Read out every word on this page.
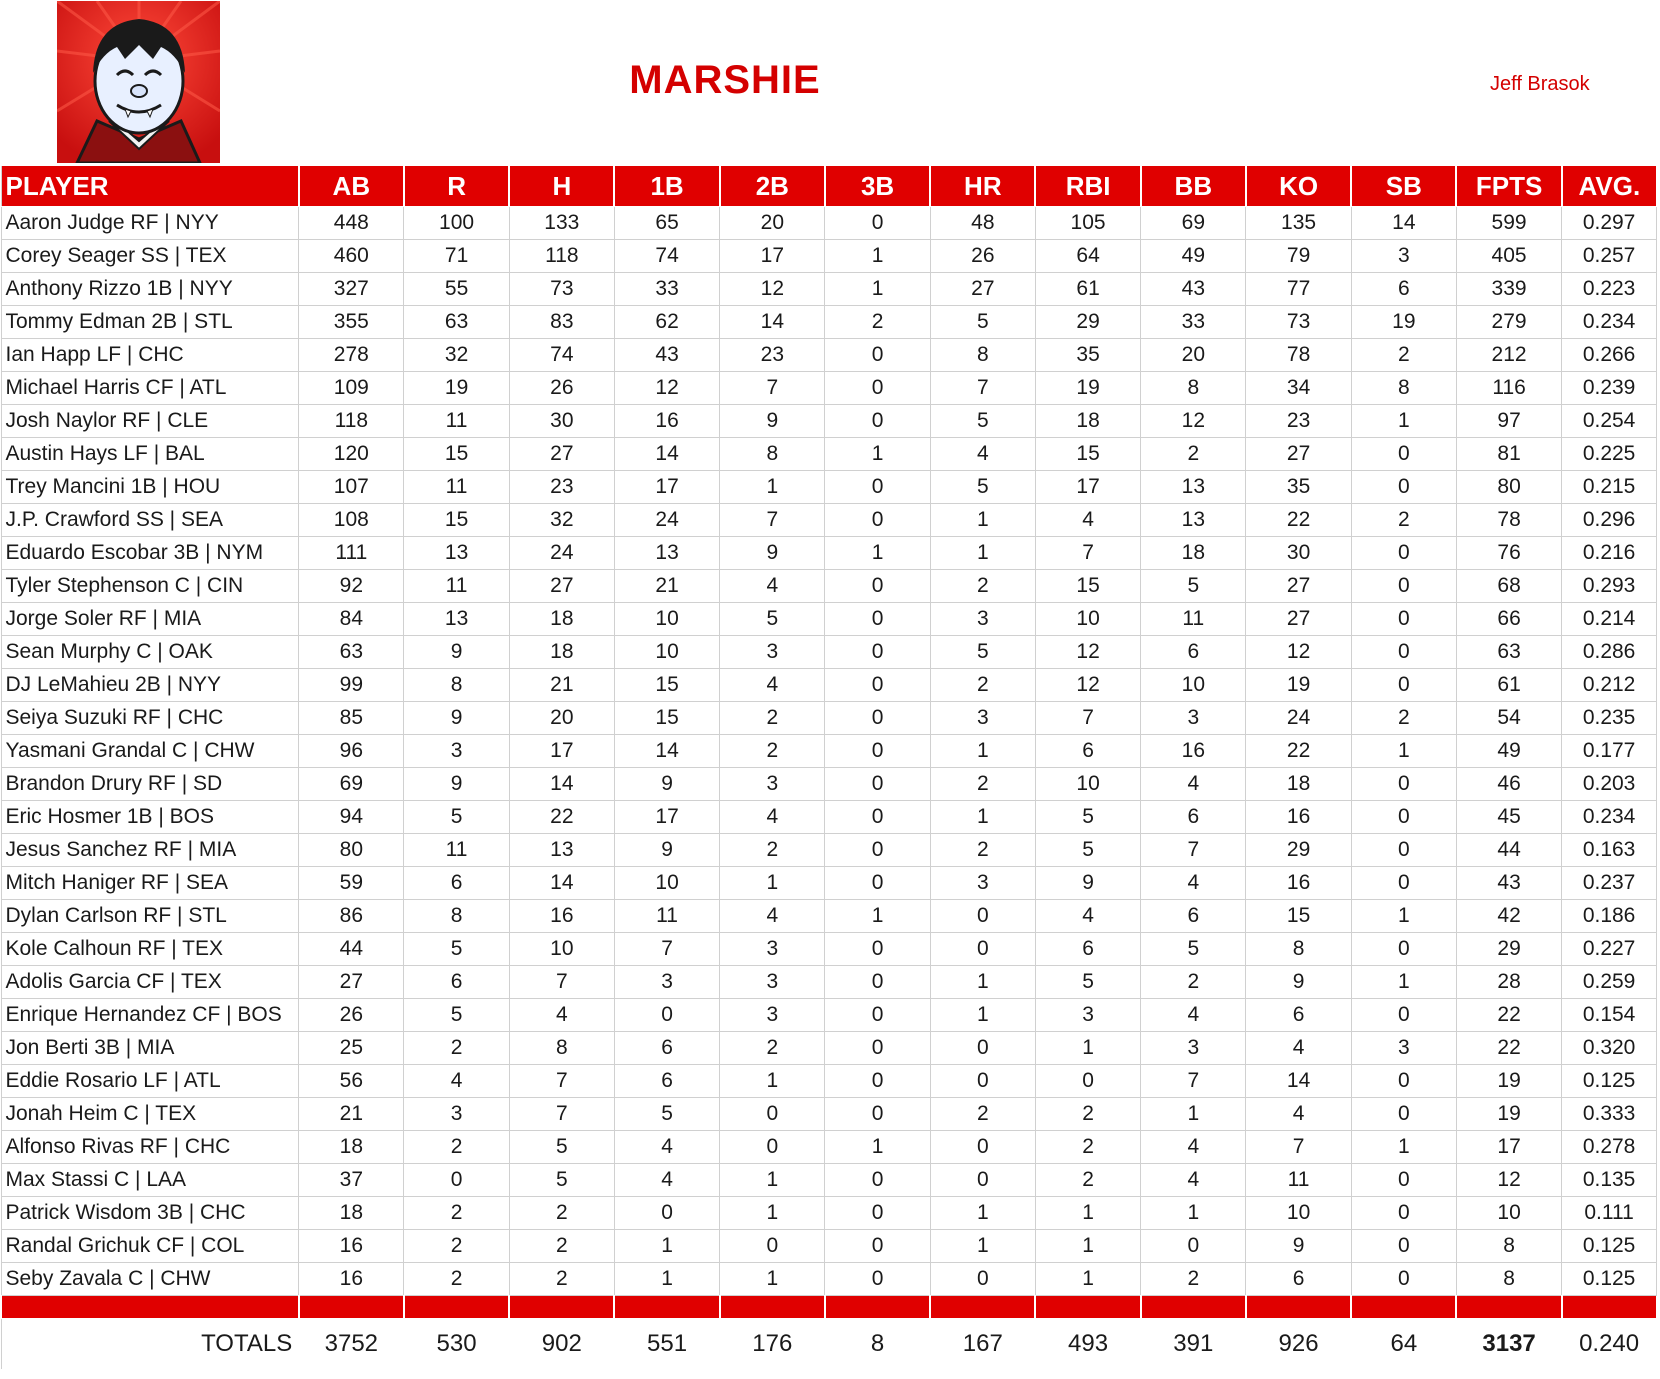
MARSHIE	Jeff Brasok
PLAYER	AB	R	H	1B	2B	3B	HR	RBI	BB	KO	SB	FPTS	AVG.
Aaron Judge RF | NYY	448	100	133	65	20	0	48	105	69	135	14	599	0.297
Corey Seager SS | TEX	460	71	118	74	17	1	26	64	49	79	3	405	0.257
Anthony Rizzo 1B | NYY	327	55	73	33	12	1	27	61	43	77	6	339	0.223
Tommy Edman 2B | STL	355	63	83	62	14	2	5	29	33	73	19	279	0.234
Ian Happ LF | CHC	278	32	74	43	23	0	8	35	20	78	2	212	0.266
Michael Harris CF | ATL	109	19	26	12	7	0	7	19	8	34	8	116	0.239
Josh Naylor RF | CLE	118	11	30	16	9	0	5	18	12	23	1	97	0.254
Austin Hays LF | BAL	120	15	27	14	8	1	4	15	2	27	0	81	0.225
Trey Mancini 1B | HOU	107	11	23	17	1	0	5	17	13	35	0	80	0.215
J.P. Crawford SS | SEA	108	15	32	24	7	0	1	4	13	22	2	78	0.296
Eduardo Escobar 3B | NYM	111	13	24	13	9	1	1	7	18	30	0	76	0.216
Tyler Stephenson C | CIN	92	11	27	21	4	0	2	15	5	27	0	68	0.293
Jorge Soler RF | MIA	84	13	18	10	5	0	3	10	11	27	0	66	0.214
Sean Murphy C | OAK	63	9	18	10	3	0	5	12	6	12	0	63	0.286
DJ LeMahieu 2B | NYY	99	8	21	15	4	0	2	12	10	19	0	61	0.212
Seiya Suzuki RF | CHC	85	9	20	15	2	0	3	7	3	24	2	54	0.235
Yasmani Grandal C | CHW	96	3	17	14	2	0	1	6	16	22	1	49	0.177
Brandon Drury RF | SD	69	9	14	9	3	0	2	10	4	18	0	46	0.203
Eric Hosmer 1B | BOS	94	5	22	17	4	0	1	5	6	16	0	45	0.234
Jesus Sanchez RF | MIA	80	11	13	9	2	0	2	5	7	29	0	44	0.163
Mitch Haniger RF | SEA	59	6	14	10	1	0	3	9	4	16	0	43	0.237
Dylan Carlson RF | STL	86	8	16	11	4	1	0	4	6	15	1	42	0.186
Kole Calhoun RF | TEX	44	5	10	7	3	0	0	6	5	8	0	29	0.227
Adolis Garcia CF | TEX	27	6	7	3	3	0	1	5	2	9	1	28	0.259
Enrique Hernandez CF | BOS	26	5	4	0	3	0	1	3	4	6	0	22	0.154
Jon Berti 3B | MIA	25	2	8	6	2	0	0	1	3	4	3	22	0.320
Eddie Rosario LF | ATL	56	4	7	6	1	0	0	0	7	14	0	19	0.125
Jonah Heim C | TEX	21	3	7	5	0	0	2	2	1	4	0	19	0.333
Alfonso Rivas RF | CHC	18	2	5	4	0	1	0	2	4	7	1	17	0.278
Max Stassi C | LAA	37	0	5	4	1	0	0	2	4	11	0	12	0.135
Patrick Wisdom 3B | CHC	18	2	2	0	1	0	1	1	1	10	0	10	0.111
Randal Grichuk CF | COL	16	2	2	1	0	0	1	1	0	9	0	8	0.125
Seby Zavala C | CHW	16	2	2	1	1	0	0	1	2	6	0	8	0.125

TOTALS	3752	530	902	551	176	8	167	493	391	926	64	3137	0.240
